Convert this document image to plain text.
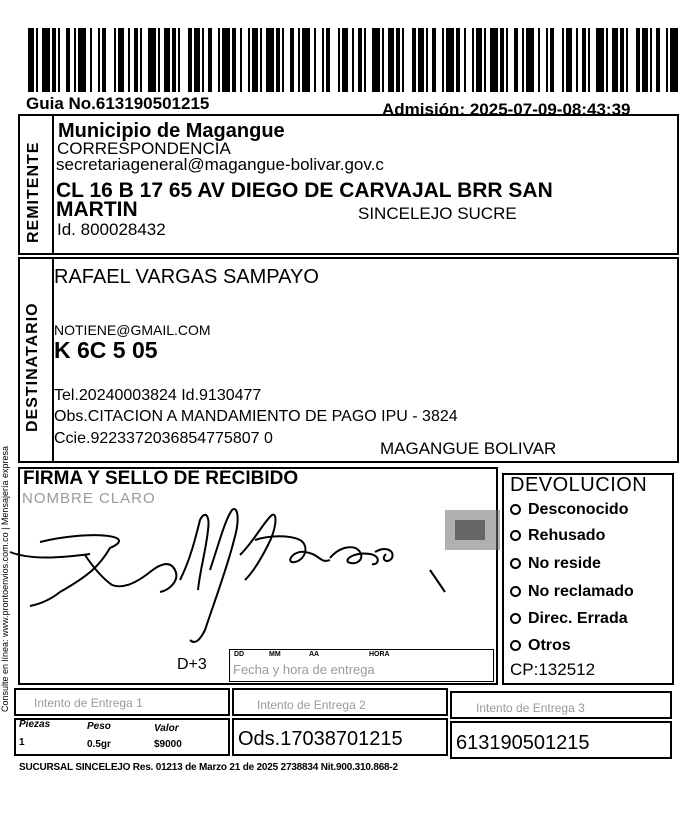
Guia No.613190501215	Admisión: 2025-07-09-08:43:39
REMITENTE
Municipio de Magangue
CORRESPONDENCIA
secretariageneral@magangue-bolivar.gov.c
CL 16 B 17 65 AV DIEGO DE CARVAJAL BRR SAN
MARTIN	SINCELEJO SUCRE
Id. 800028432
DESTINATARIO
RAFAEL VARGAS SAMPAYO
NOTIENE@GMAIL.COM
K 6C 5 05
Tel.20240003824 Id.9130477
Obs.CITACION A MANDAMIENTO DE PAGO IPU - 3824
Ccie.9223372036854775807 0
MAGANGUE BOLIVAR
Consulte en línea: www.prontoenvios.com.co | Mensajería expresa FIRMA Y SELLO DE RECIBIDO
NOMBRE CLARO
D+3
DD	MM	AA	HORA
Fecha y hora de entrega
DEVOLUCION
Desconocido
Rehusado
No reside
No reclamado
Direc. Errada
Otros
CP:132512
Intento de Entrega 1	Intento de Entrega 2	Intento de Entrega 3
Piezas	Peso	Valor
1	0.5gr	$9000	Ods.17038701215	613190501215
SUCURSAL SINCELEJO Res. 01213 de Marzo 21 de 2025 2738834 Nit.900.310.868-2
